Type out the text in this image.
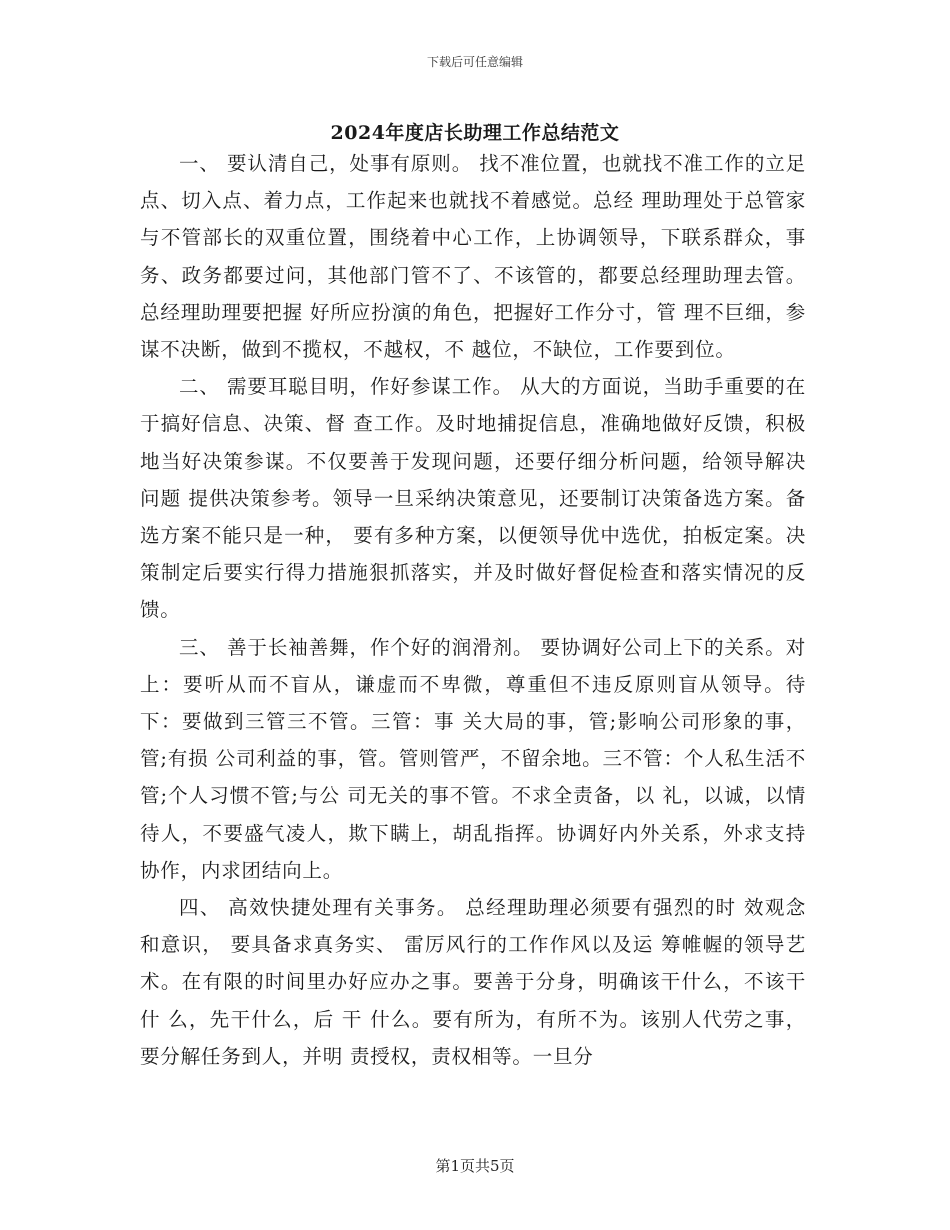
下载后可任意编辑
2024年度店长助理工作总结范文

一、 要认清自己，处事有原则。 找不准位置，也就找不准工作的立足点、切入点、着力点，工作起来也就找不着感觉。总经 理助理处于总管家与不管部长的双重位置，围绕着中心工作，上协调领导，下联系群众，事 务、政务都要过问，其他部门管不了、不该管的，都要总经理助理去管。总经理助理要把握 好所应扮演的角色，把握好工作分寸，管 理不巨细，参谋不决断，做到不揽权，不越权，不 越位，不缺位，工作要到位。

二、 需要耳聪目明，作好参谋工作。 从大的方面说，当助手重要的在于搞好信息、决策、督 查工作。及时地捕捉信息，准确地做好反馈，积极地当好决策参谋。不仅要善于发现问题，还要仔细分析问题，给领导解决问题 提供决策参考。领导一旦采纳决策意见，还要制订决策备选方案。备选方案不能只是一种， 要有多种方案，以便领导优中选优，拍板定案。决策制定后要实行得力措施狠抓落实，并及时做好督促检查和落实情况的反馈。

三、 善于长袖善舞，作个好的润滑剂。 要协调好公司上下的关系。对上：要听从而不盲从，谦虚而不卑微，尊重但不违反原则盲从领导。待下：要做到三管三不管。三管：事 关大局的事，管;影响公司形象的事，管;有损 公司利益的事，管。管则管严，不留余地。三不管：个人私生活不管;个人习惯不管;与公 司无关的事不管。不求全责备，以 礼，以诚，以情待人，不要盛气凌人，欺下瞒上，胡乱指挥。协调好内外关系，外求支持协作，内求团结向上。

四、 高效快捷处理有关事务。 总经理助理必须要有强烈的时 效观念和意识， 要具备求真务实、 雷厉风行的工作作风以及运 筹帷幄的领导艺术。在有限的时间里办好应办之事。要善于分身，明确该干什么，不该干什 么，先干什么，后 干 什么。要有所为，有所不为。该别人代劳之事，要分解任务到人，并明 责授权，责权相等。一旦分

第1页共5页
